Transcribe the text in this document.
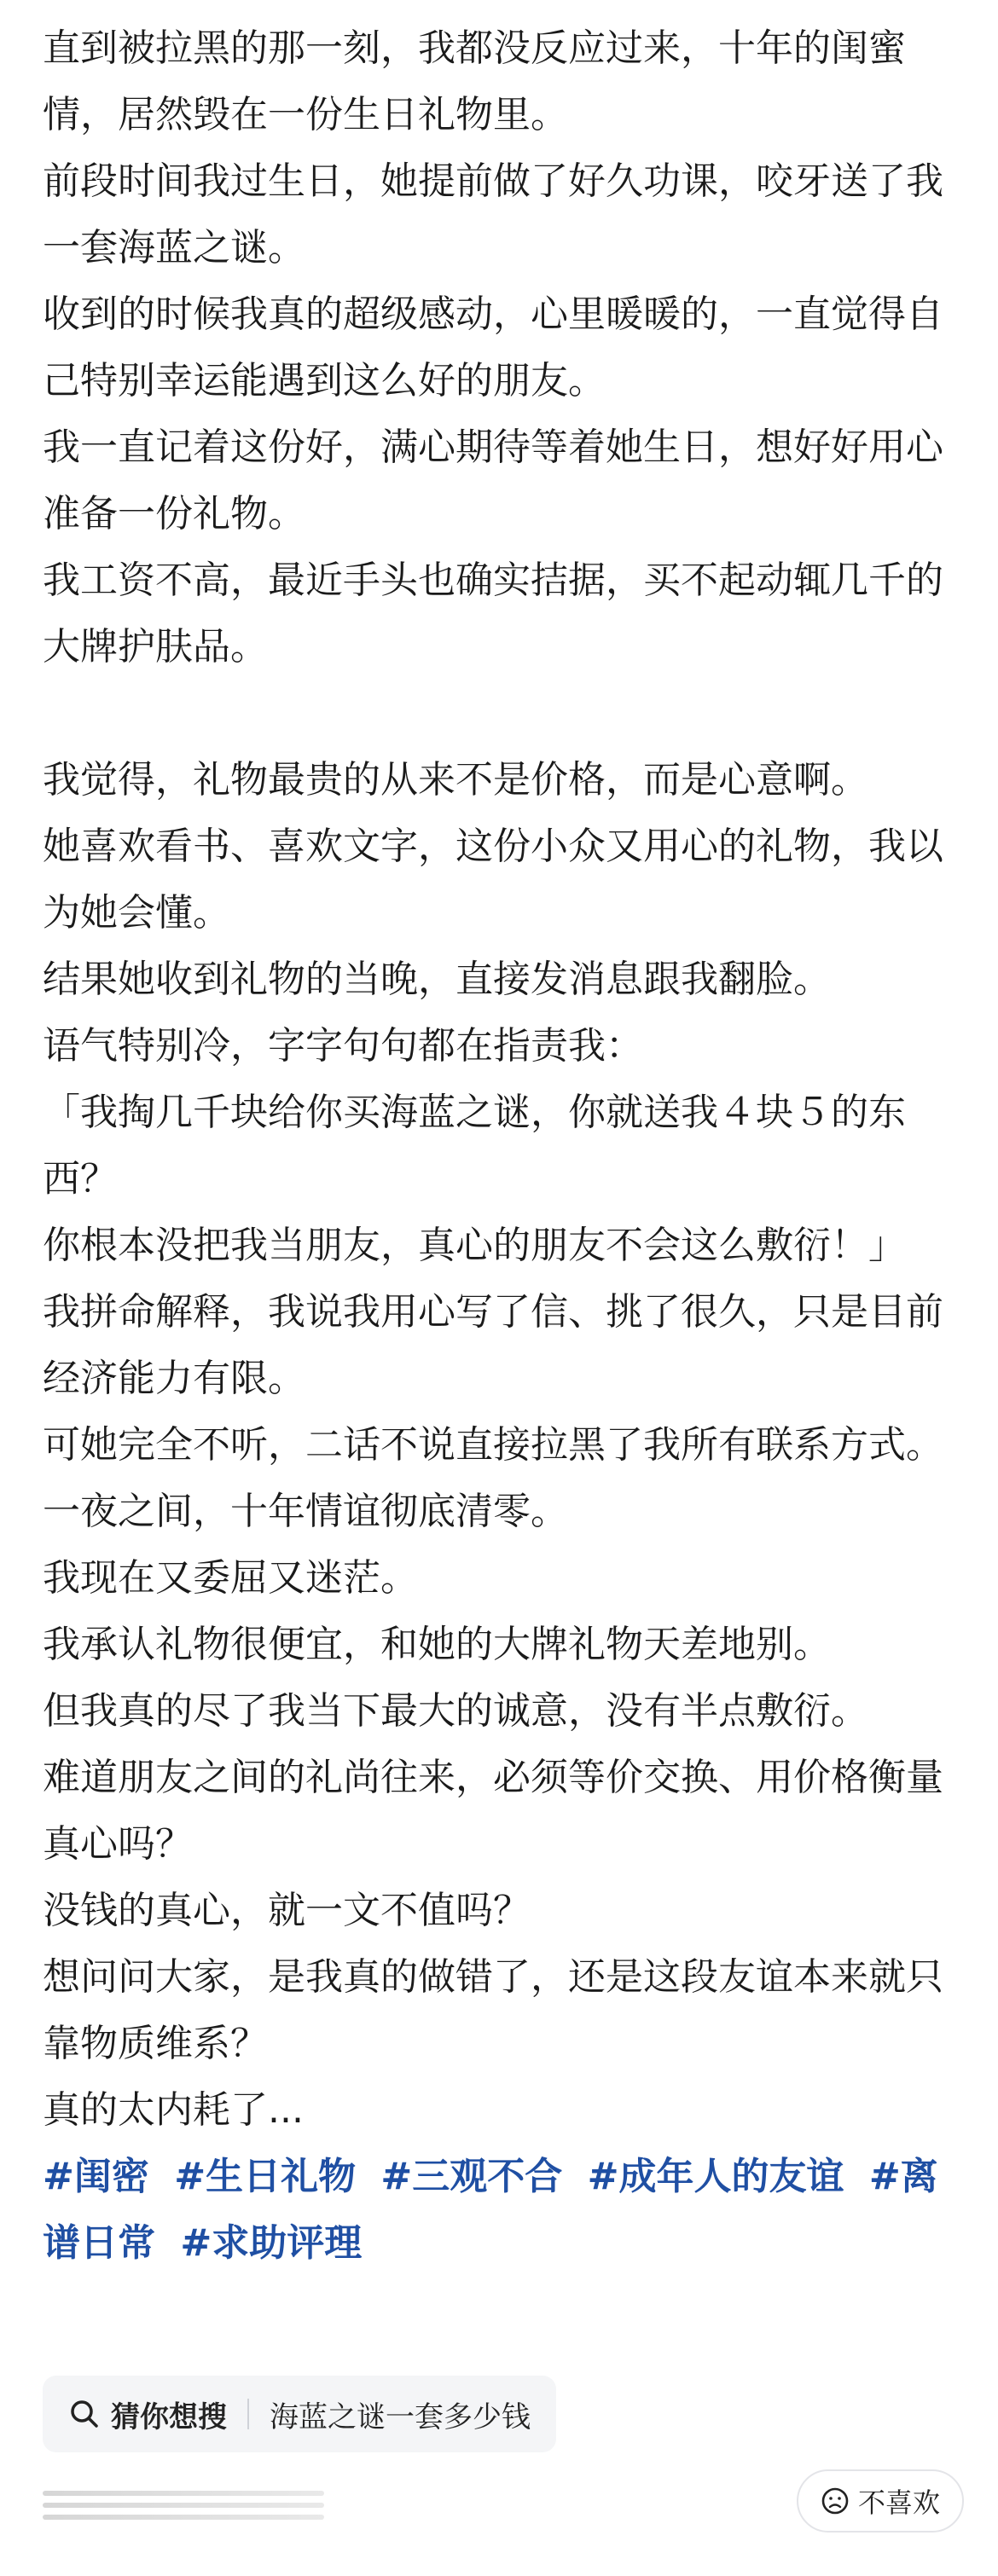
直到被拉黑的那一刻，我都没反应过来，十年的闺蜜情，居然毁在一份生日礼物里。

前段时间我过生日，她提前做了好久功课，咬牙送了我一套海蓝之谜。

收到的时候我真的超级感动，心里暖暖的，一直觉得自己特别幸运能遇到这么好的朋友。

我一直记着这份好，满心期待等着她生日，想好好用心准备一份礼物。

我工资不高，最近手头也确实拮据，买不起动辄几千的大牌护肤品。

我觉得，礼物最贵的从来不是价格，而是心意啊。

她喜欢看书、喜欢文字，这份小众又用心的礼物，我以为她会懂。

结果她收到礼物的当晚，直接发消息跟我翻脸。

语气特别冷，字字句句都在指责我：

「我掏几千块给你买海蓝之谜，你就送我４块５的东西？

你根本没把我当朋友，真心的朋友不会这么敷衍！」

我拼命解释，我说我用心写了信、挑了很久，只是目前经济能力有限。

可她完全不听，二话不说直接拉黑了我所有联系方式。

一夜之间，十年情谊彻底清零。

我现在又委屈又迷茫。

我承认礼物很便宜，和她的大牌礼物天差地别。

但我真的尽了我当下最大的诚意，没有半点敷衍。

难道朋友之间的礼尚往来，必须等价交换、用价格衡量真心吗？

没钱的真心，就一文不值吗？

想问问大家，是我真的做错了，还是这段友谊本来就只靠物质维系？

真的太内耗了...

#闺密 #生日礼物 #三观不合 #成年人的友谊 #离谱日常 #求助评理
猜你想搜 海蓝之谜一套多少钱
不喜欢
